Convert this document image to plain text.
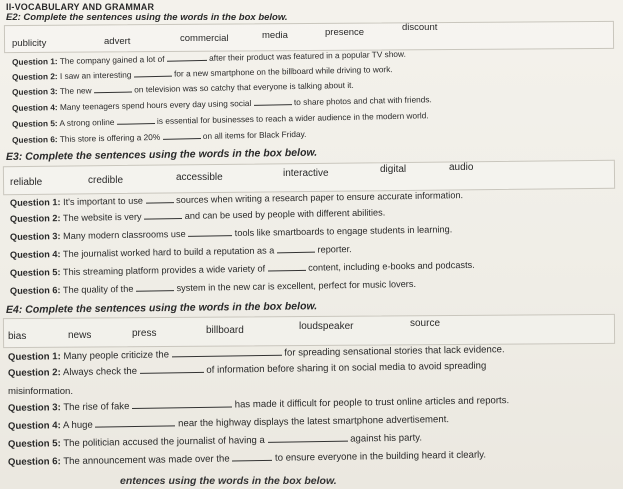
II-VOCABULARY AND GRAMMAR
E2: Complete the sentences using the words in the box below.
publicity	advert	commercial	media	presence	discount
Question 1: The company gained a lot of	after their product was featured in a popular TV show.
Question 2: I saw an interesting	for a new smartphone on the billboard while driving to work.
Question 3: The new	on television was so catchy that everyone is talking about it.
Question 4: Many teenagers spend hours every day using social	to share photos and chat with friends.
Question 5: A strong online	is essential for businesses to reach a wider audience in the modern world.
Question 6: This store is offering a 20%	on all items for Black Friday.
E3: Complete the sentences using the words in the box below.
reliable	credible	accessible	interactive	digital	audio
Question 1: It's important to use	sources when writing a research paper to ensure accurate information.
Question 2: The website is very	and can be used by people with different abilities.
Question 3: Many modern classrooms use	tools like smartboards to engage students in learning.
Question 4: The journalist worked hard to build a reputation as a	reporter.
Question 5: This streaming platform provides a wide variety of	content, including e-books and podcasts.
Question 6: The quality of the	system in the new car is excellent, perfect for music lovers.
E4: Complete the sentences using the words in the box below.
bias	news	press	billboard	loudspeaker	source
Question 1: Many people criticize the	for spreading sensational stories that lack evidence.
Question 2: Always check the	of information before sharing it on social media to avoid spreading
misinformation.
Question 3: The rise of fake	has made it difficult for people to trust online articles and reports.
Question 4: A huge	near the highway displays the latest smartphone advertisement.
Question 5: The politician accused the journalist of having a	against his party.
Question 6: The announcement was made over the	to ensure everyone in the building heard it clearly.
entences using the words in the box below.
